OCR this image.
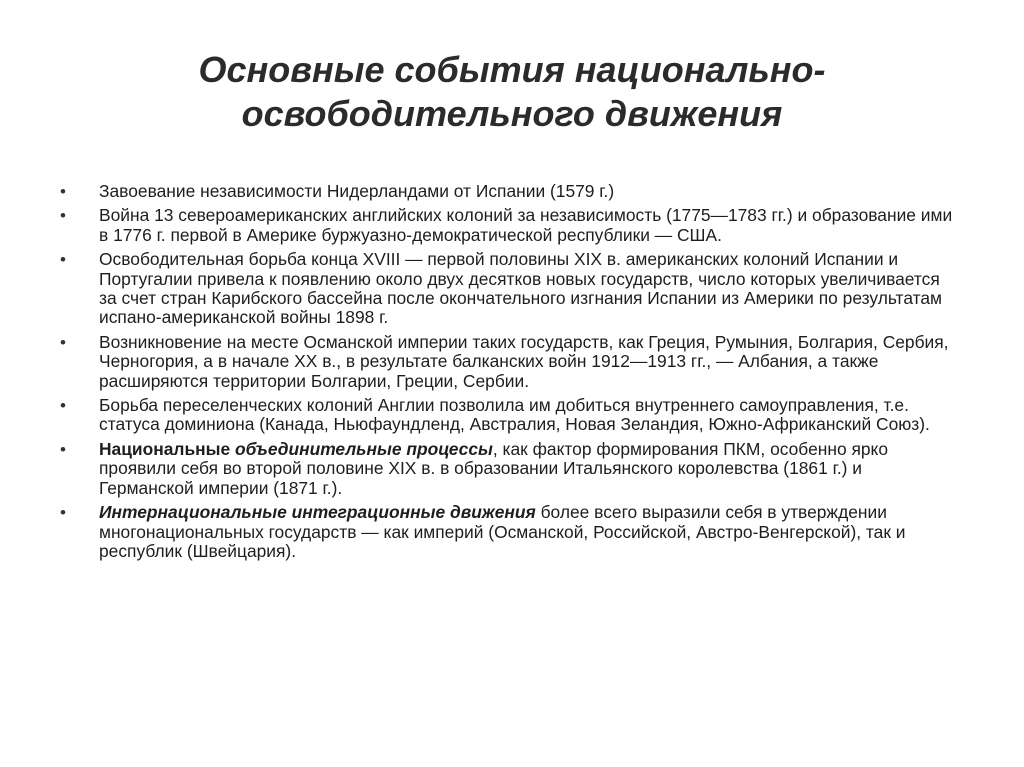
Основные события национально-
освободительного движения
•	Завоевание независимости Нидерландами от Испании (1579 г.)
•	Война 13 североамериканских английских колоний за независимость (1775—1783 гг.) и образование ими в 1776 г. первой в Америке буржуазно-демократической республики — США.
•	Освободительная борьба конца XVIII — первой половины XIX в. американских колоний Испании и Португалии привела к появлению около двух десятков новых государств, число которых увеличивается за счет стран Карибского бассейна после окончательного изгнания Испании из Америки по результатам испано-американской войны 1898 г.
•	Возникновение на месте Османской империи таких государств, как Греция, Румыния, Болгария, Сербия, Черногория, а в начале XX в., в результате балканских войн 1912—1913 гг., — Албания, а также расширяются территории Болгарии, Греции, Сербии.
•	Борьба переселенческих колоний Англии позволила им добиться внутреннего самоуправления, т.е. статуса доминиона (Канада, Ньюфаундленд, Австралия, Новая Зеландия, Южно-Африканский Союз).
•	Национальные объединительные процессы, как фактор формирования ПКМ, особенно ярко проявили себя во второй половине XIX в. в образовании Итальянского королевства (1861 г.) и Германской империи (1871 г.).
•	Интернациональные интеграционные движения более всего выразили себя в утверждении многонациональных государств — как империй (Османской, Российской, Австро-Венгерской), так и республик (Швейцария).
